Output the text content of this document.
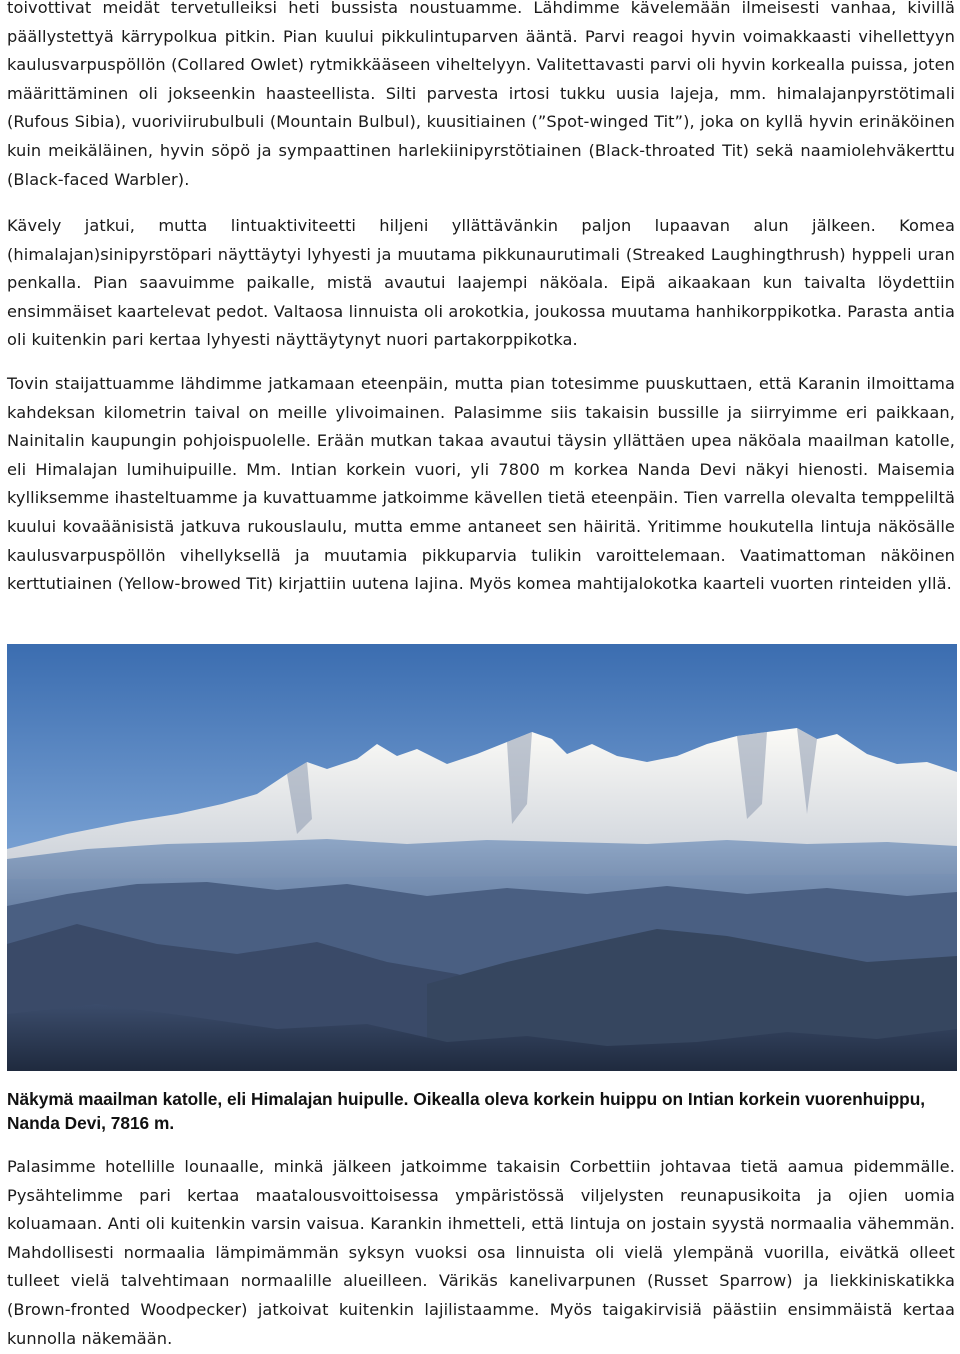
toivottivat meidät tervetulleiksi heti bussista noustuamme. Lähdimme kävelemään ilmeisesti vanhaa, kivillä päällystettyä kärrypolkua pitkin. Pian kuului pikkulintuparven ääntä. Parvi reagoi hyvin voimakkaasti vihellettyyn kaulusvarpuspöllön (Collared Owlet) rytmikkääseen viheltelyyn. Valitettavasti parvi oli hyvin korkealla puissa, joten määrittäminen oli jokseenkin haasteellista. Silti parvesta irtosi tukku uusia lajeja, mm. himalajanpyrstötimali (Rufous Sibia), vuoriviirubulbuli (Mountain Bulbul), kuusitiainen (”Spot-winged Tit”), joka on kyllä hyvin erinäköinen kuin meikäläinen, hyvin söpö ja sympaattinen harlekiinipyrstötiainen (Black-throated Tit) sekä naamiolehväkerttu (Black-faced Warbler).

Kävely jatkui, mutta lintuaktiviteetti hiljeni yllättävänkin paljon lupaavan alun jälkeen. Komea (himalajan)sinipyrstöpari näyttäytyi lyhyesti ja muutama pikkunaurutimali (Streaked Laughingthrush) hyppeli uran penkalla. Pian saavuimme paikalle, mistä avautui laajempi näköala. Eipä aikaakaan kun taivalta löydettiin ensimmäiset kaartelevat pedot. Valtaosa linnuista oli arokotkia, joukossa muutama hanhikorppikotka. Parasta antia oli kuitenkin pari kertaa lyhyesti näyttäytynyt nuori partakorppikotka.

Tovin staijattuamme lähdimme jatkamaan eteenpäin, mutta pian totesimme puuskuttaen, että Karanin ilmoittama kahdeksan kilometrin taival on meille ylivoimainen. Palasimme siis takaisin bussille ja siirryimme eri paikkaan, Nainitalin kaupungin pohjoispuolelle. Erään mutkan takaa avautui täysin yllättäen upea näköala maailman katolle, eli Himalajan lumihuipuille. Mm. Intian korkein vuori, yli 7800 m korkea Nanda Devi näkyi hienosti. Maisemia kylliksemme ihasteltuamme ja kuvattuamme jatkoimme kävellen tietä eteenpäin. Tien varrella olevalta temppeliltä kuului kovaäänisistä jatkuva rukouslaulu, mutta emme antaneet sen häiritä. Yritimme houkutella lintuja näkösälle kaulusvarpuspöllön vihellyksellä ja muutamia pikkuparvia tulikin varoittelemaan. Vaatimattoman näköinen kerttutiainen (Yellow-browed Tit) kirjattiin uutena lajina. Myös komea mahtijalokotka kaarteli vuorten rinteiden yllä.

Näkymä maailman katolle, eli Himalajan huipulle. Oikealla oleva korkein huippu on Intian korkein vuorenhuippu, Nanda Devi, 7816 m.

Palasimme hotellille lounaalle, minkä jälkeen jatkoimme takaisin Corbettiin johtavaa tietä aamua pidemmälle. Pysähtelimme pari kertaa maatalousvoittoisessa ympäristössä viljelysten reunapusikoita ja ojien uomia koluamaan. Anti oli kuitenkin varsin vaisua. Karankin ihmetteli, että lintuja on jostain syystä normaalia vähemmän. Mahdollisesti normaalia lämpimämmän syksyn vuoksi osa linnuista oli vielä ylempänä vuorilla, eivätkä olleet tulleet vielä talvehtimaan normaalille alueilleen. Värikäs kanelivarpunen (Russet Sparrow) ja liekkiniskatikka (Brown-fronted Woodpecker) jatkoivat kuitenkin lajilistaamme. Myös taigakirvisiä päästiin ensimmäistä kertaa kunnolla näkemään.
